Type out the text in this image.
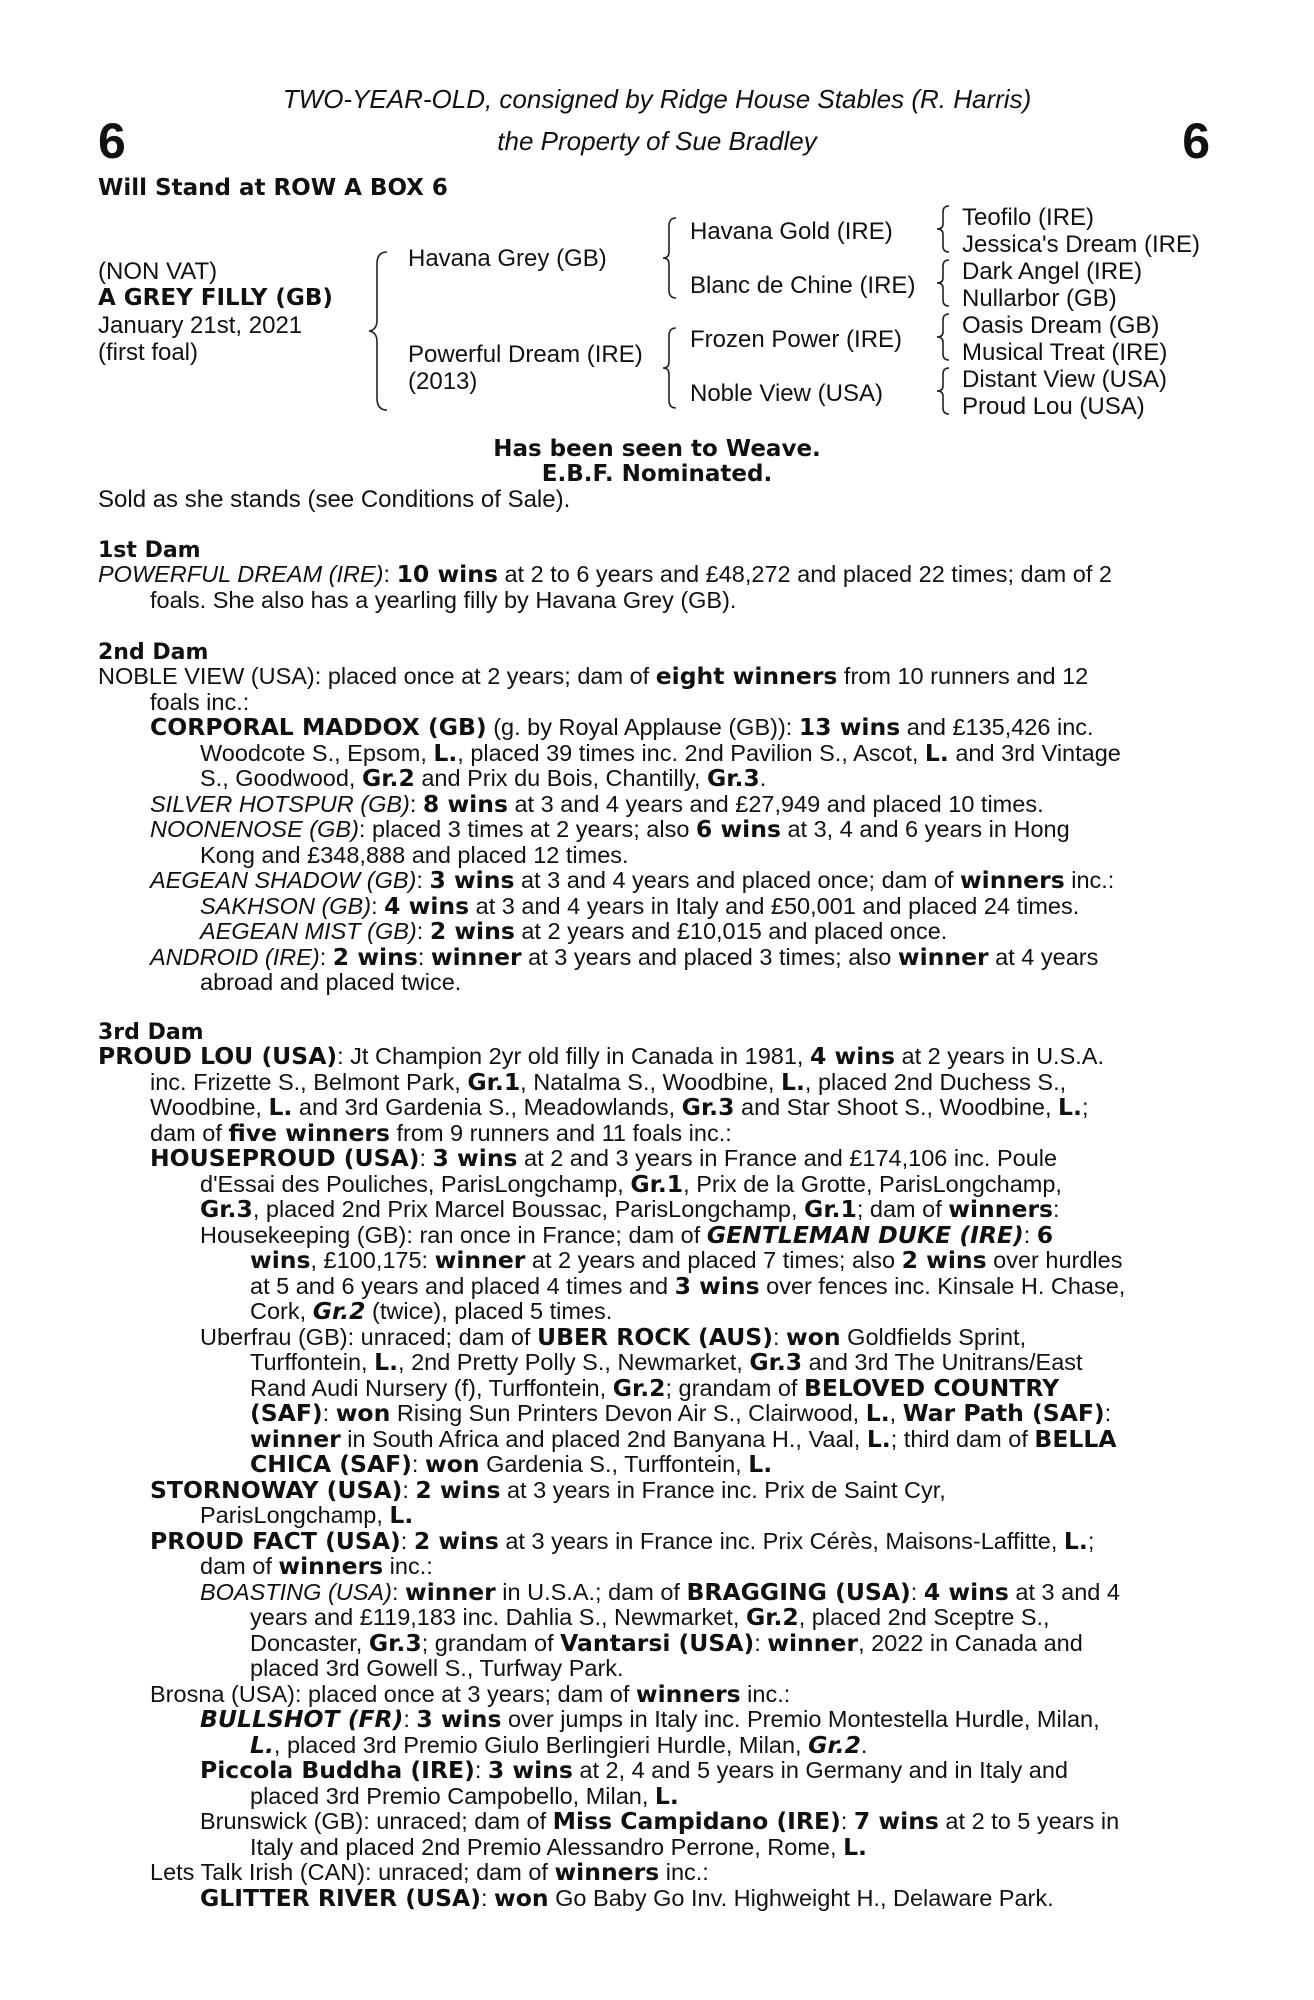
TWO-YEAR-OLD, consigned by Ridge House Stables (R. Harris)
the Property of Sue Bradley
6	6
Will Stand at ROW A BOX 6
(NON VAT)
A GREY FILLY (GB)
January 21st, 2021
(first foal)
Havana Grey (GB)
Powerful Dream (IRE)
(2013)
Havana Gold (IRE)
Blanc de Chine (IRE)
Frozen Power (IRE)
Noble View (USA)
Teofilo (IRE)
Jessica's Dream (IRE)
Dark Angel (IRE)
Nullarbor (GB)
Oasis Dream (GB)
Musical Treat (IRE)
Distant View (USA)
Proud Lou (USA)
Has been seen to Weave.
E.B.F. Nominated.
Sold as she stands (see Conditions of Sale).
1st Dam
POWERFUL DREAM (IRE): 10 wins at 2 to 6 years and £48,272 and placed 22 times; dam of 2
foals. She also has a yearling filly by Havana Grey (GB).
2nd Dam
NOBLE VIEW (USA): placed once at 2 years; dam of eight winners from 10 runners and 12
foals inc.:
CORPORAL MADDOX (GB) (g. by Royal Applause (GB)): 13 wins and £135,426 inc.
Woodcote S., Epsom, L., placed 39 times inc. 2nd Pavilion S., Ascot, L. and 3rd Vintage
S., Goodwood, Gr.2 and Prix du Bois, Chantilly, Gr.3.
SILVER HOTSPUR (GB): 8 wins at 3 and 4 years and £27,949 and placed 10 times.
NOONENOSE (GB): placed 3 times at 2 years; also 6 wins at 3, 4 and 6 years in Hong
Kong and £348,888 and placed 12 times.
AEGEAN SHADOW (GB): 3 wins at 3 and 4 years and placed once; dam of winners inc.:
SAKHSON (GB): 4 wins at 3 and 4 years in Italy and £50,001 and placed 24 times.
AEGEAN MIST (GB): 2 wins at 2 years and £10,015 and placed once.
ANDROID (IRE): 2 wins: winner at 3 years and placed 3 times; also winner at 4 years
abroad and placed twice.
3rd Dam
PROUD LOU (USA): Jt Champion 2yr old filly in Canada in 1981, 4 wins at 2 years in U.S.A.
inc. Frizette S., Belmont Park, Gr.1, Natalma S., Woodbine, L., placed 2nd Duchess S.,
Woodbine, L. and 3rd Gardenia S., Meadowlands, Gr.3 and Star Shoot S., Woodbine, L.;
dam of five winners from 9 runners and 11 foals inc.:
HOUSEPROUD (USA): 3 wins at 2 and 3 years in France and £174,106 inc. Poule
d'Essai des Pouliches, ParisLongchamp, Gr.1, Prix de la Grotte, ParisLongchamp,
Gr.3, placed 2nd Prix Marcel Boussac, ParisLongchamp, Gr.1; dam of winners:
Housekeeping (GB): ran once in France; dam of GENTLEMAN DUKE (IRE): 6
wins, £100,175: winner at 2 years and placed 7 times; also 2 wins over hurdles
at 5 and 6 years and placed 4 times and 3 wins over fences inc. Kinsale H. Chase,
Cork, Gr.2 (twice), placed 5 times.
Uberfrau (GB): unraced; dam of UBER ROCK (AUS): won Goldfields Sprint,
Turffontein, L., 2nd Pretty Polly S., Newmarket, Gr.3 and 3rd The Unitrans/East
Rand Audi Nursery (f), Turffontein, Gr.2; grandam of BELOVED COUNTRY
(SAF): won Rising Sun Printers Devon Air S., Clairwood, L., War Path (SAF):
winner in South Africa and placed 2nd Banyana H., Vaal, L.; third dam of BELLA
CHICA (SAF): won Gardenia S., Turffontein, L.
STORNOWAY (USA): 2 wins at 3 years in France inc. Prix de Saint Cyr,
ParisLongchamp, L.
PROUD FACT (USA): 2 wins at 3 years in France inc. Prix Cérès, Maisons-Laffitte, L.;
dam of winners inc.:
BOASTING (USA): winner in U.S.A.; dam of BRAGGING (USA): 4 wins at 3 and 4
years and £119,183 inc. Dahlia S., Newmarket, Gr.2, placed 2nd Sceptre S.,
Doncaster, Gr.3; grandam of Vantarsi (USA): winner, 2022 in Canada and
placed 3rd Gowell S., Turfway Park.
Brosna (USA): placed once at 3 years; dam of winners inc.:
BULLSHOT (FR): 3 wins over jumps in Italy inc. Premio Montestella Hurdle, Milan,
L., placed 3rd Premio Giulo Berlingieri Hurdle, Milan, Gr.2.
Piccola Buddha (IRE): 3 wins at 2, 4 and 5 years in Germany and in Italy and
placed 3rd Premio Campobello, Milan, L.
Brunswick (GB): unraced; dam of Miss Campidano (IRE): 7 wins at 2 to 5 years in
Italy and placed 2nd Premio Alessandro Perrone, Rome, L.
Lets Talk Irish (CAN): unraced; dam of winners inc.:
GLITTER RIVER (USA): won Go Baby Go Inv. Highweight H., Delaware Park.
